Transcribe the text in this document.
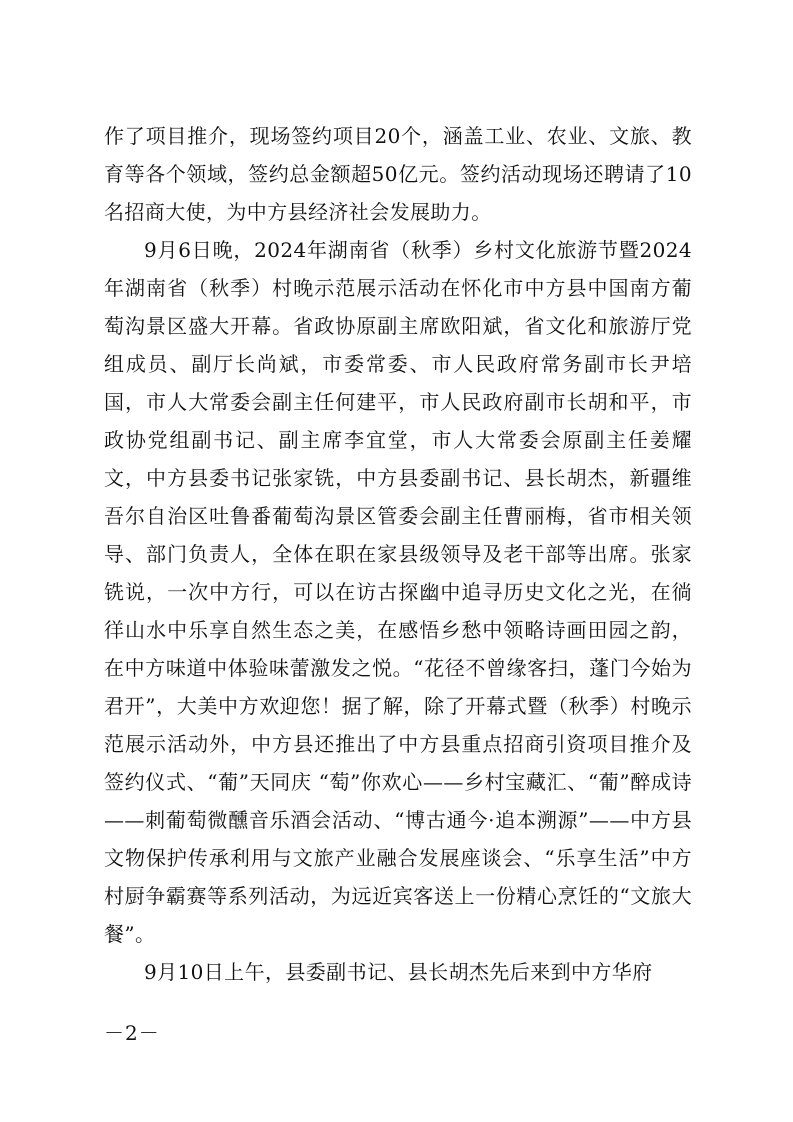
作了项目推介，现场签约项目20个，涵盖工业、农业、文旅、教育等各个领域，签约总金额超50亿元。签约活动现场还聘请了10名招商大使，为中方县经济社会发展助力。

9月6日晚，2024年湖南省（秋季）乡村文化旅游节暨2024年湖南省（秋季）村晚示范展示活动在怀化市中方县中国南方葡萄沟景区盛大开幕。省政协原副主席欧阳斌，省文化和旅游厅党组成员、副厅长尚斌，市委常委、市人民政府常务副市长尹培国，市人大常委会副主任何建平，市人民政府副市长胡和平，市政协党组副书记、副主席李宜堂，市人大常委会原副主任姜耀文，中方县委书记张家铣，中方县委副书记、县长胡杰，新疆维吾尔自治区吐鲁番葡萄沟景区管委会副主任曹丽梅，省市相关领导、部门负责人，全体在职在家县级领导及老干部等出席。张家铣说，一次中方行，可以在访古探幽中追寻历史文化之光，在徜徉山水中乐享自然生态之美，在感悟乡愁中领略诗画田园之韵，在中方味道中体验味蕾激发之悦。“花径不曾缘客扫，蓬门今始为君开”，大美中方欢迎您！据了解，除了开幕式暨（秋季）村晚示范展示活动外，中方县还推出了中方县重点招商引资项目推介及签约仪式、“葡”天同庆 “萄”你欢心——乡村宝藏汇、“葡”醉成诗——刺葡萄微醺音乐酒会活动、“博古通今·追本溯源”——中方县文物保护传承利用与文旅产业融合发展座谈会、“乐享生活”中方村厨争霸赛等系列活动，为远近宾客送上一份精心烹饪的“文旅大餐”。

9月10日上午，县委副书记、县长胡杰先后来到中方华府

－2－
